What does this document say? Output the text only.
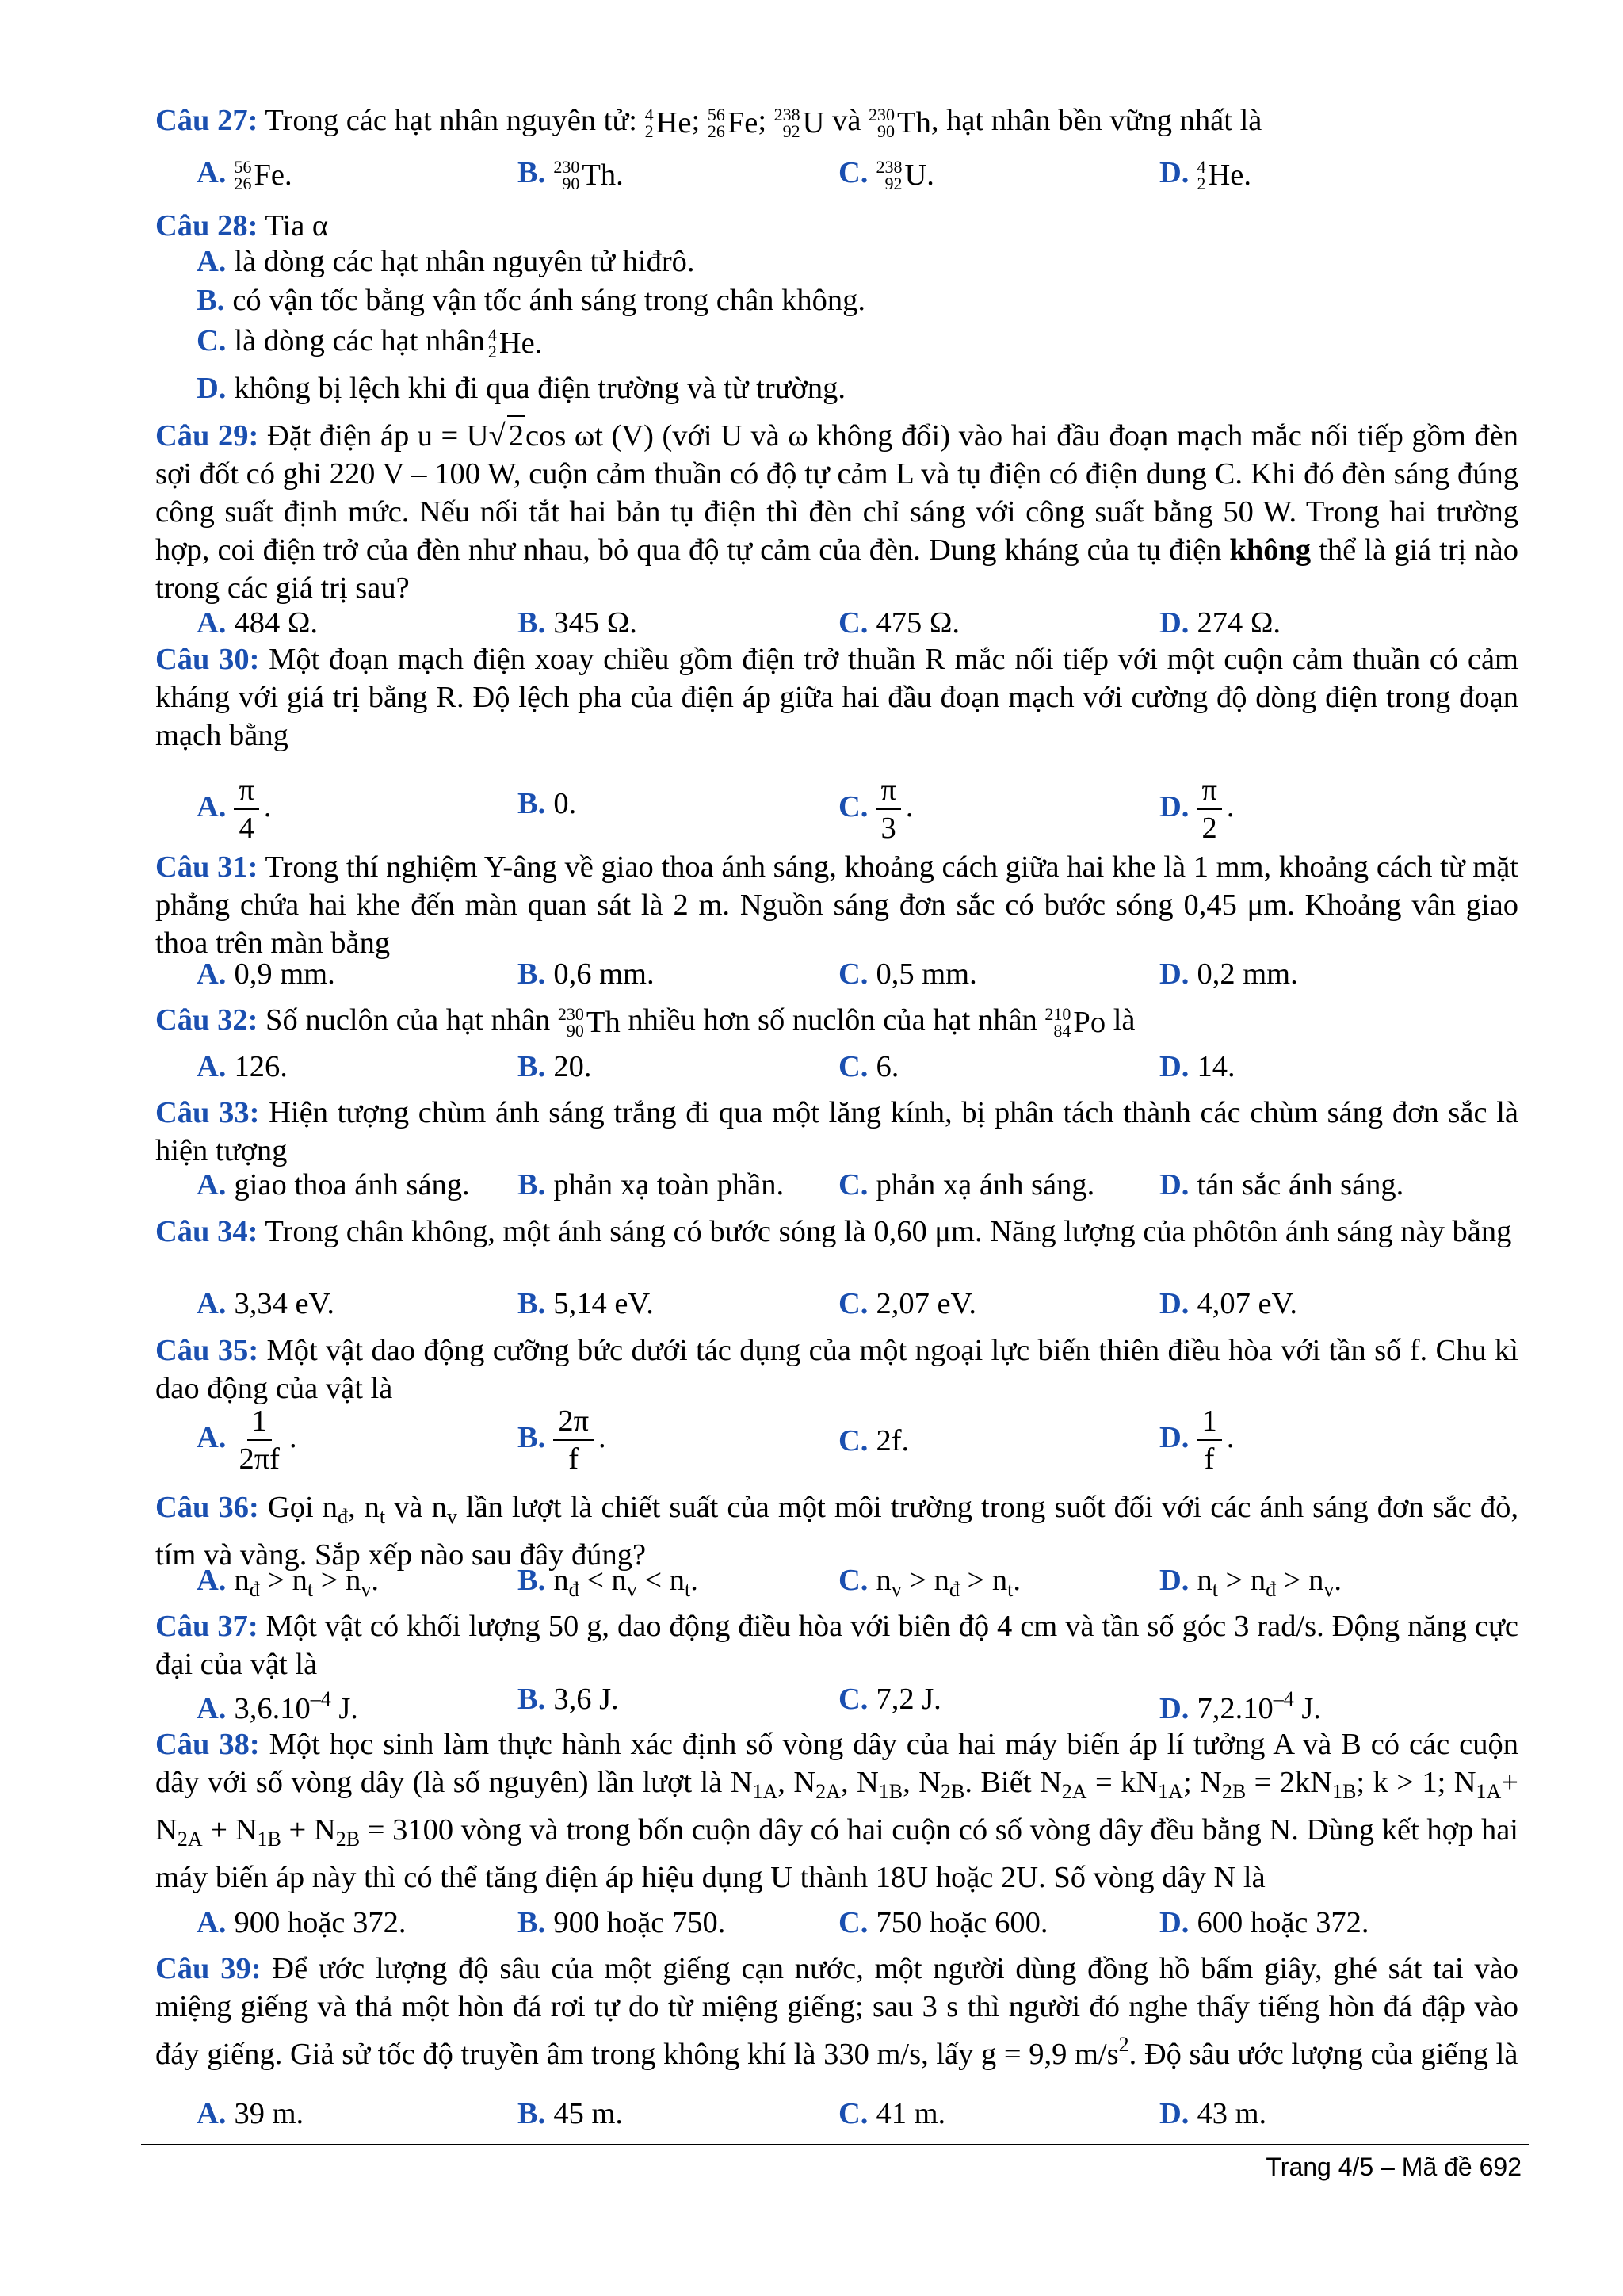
Câu 27: Trong các hạt nhân nguyên tử: 4
2 He ; 56
26 Fe ; 238
92 U và 230
90 Th , hạt nhân bền vững nhất là
A. 56
26 Fe.	B. 230
90 Th.	C. 238
92 U.	D. 4
2 He.
Câu 28: Tia α
A. là dòng các hạt nhân nguyên tử hiđrô.
B. có vận tốc bằng vận tốc ánh sáng trong chân không.
C. là dòng các hạt nhân 4
2 He.
D. không bị lệch khi đi qua điện trường và từ trường.
Câu 29: Đặt điện áp u = U√ 2cos ωt (V) (với U và ω không đổi) vào hai đầu đoạn mạch mắc nối tiếp gồm đèn sợi đốt có ghi 220 V – 100 W, cuộn cảm thuần có độ tự cảm L và tụ điện có điện dung C. Khi đó đèn sáng đúng công suất định mức. Nếu nối tắt hai bản tụ điện thì đèn chỉ sáng với công suất bằng 50 W. Trong hai trường hợp, coi điện trở của đèn như nhau, bỏ qua độ tự cảm của đèn. Dung kháng của tụ điện không thể là giá trị nào trong các giá trị sau?
A. 484 Ω.	B. 345 Ω.	C. 475 Ω.	D. 274 Ω.
Câu 30: Một đoạn mạch điện xoay chiều gồm điện trở thuần R mắc nối tiếp với một cuộn cảm thuần có cảm kháng với giá trị bằng R. Độ lệch pha của điện áp giữa hai đầu đoạn mạch với cường độ dòng điện trong đoạn mạch bằng
A. $\frac{\pi}{4}$ .	B. 0.	C. $\frac{\pi}{3}$ .	D. $\frac{\pi}{2}$ .
Câu 31: Trong thí nghiệm Y-âng về giao thoa ánh sáng, khoảng cách giữa hai khe là 1 mm, khoảng cách từ mặt phẳng chứa hai khe đến màn quan sát là 2 m. Nguồn sáng đơn sắc có bước sóng 0,45 μm. Khoảng vân giao thoa trên màn bằng
A. 0,9 mm.	B. 0,6 mm.	C. 0,5 mm.	D. 0,2 mm.
Câu 32: Số nuclôn của hạt nhân 230
90 Th nhiều hơn số nuclôn của hạt nhân 210
84 Po là
A. 126.	B. 20.	C. 6.	D. 14.
Câu 33: Hiện tượng chùm ánh sáng trắng đi qua một lăng kính, bị phân tách thành các chùm sáng đơn sắc là hiện tượng
A. giao thoa ánh sáng. B. phản xạ toàn phần. C. phản xạ ánh sáng. D. tán sắc ánh sáng.
Câu 34: Trong chân không, một ánh sáng có bước sóng là 0,60 μm. Năng lượng của phôtôn ánh sáng này bằng
A. 3,34 eV.	B. 5,14 eV.	C. 2,07 eV.	D. 4,07 eV.
Câu 35: Một vật dao động cưỡng bức dưới tác dụng của một ngoại lực biến thiên điều hòa với tần số f. Chu kì dao động của vật là
A. $\frac{1}{2\pi f}$ .	B. $\frac{2\pi}{f}$ .	C. 2f.	D. $\frac{1}{f}$ .
Câu 36: Gọi $n_đ$, $n_t$ và $n_v$ lần lượt là chiết suất của một môi trường trong suốt đối với các ánh sáng đơn sắc đỏ, tím và vàng. Sắp xếp nào sau đây đúng?
A. $n_đ > n_t > n_v$.	B. $n_đ < n_v < n_t$.	C. $n_v > n_đ > n_t$.	D. $n_t > n_đ > n_v$.
Câu 37: Một vật có khối lượng 50 g, dao động điều hòa với biên độ 4 cm và tần số góc 3 rad/s. Động năng cực đại của vật là
A. $3,6.10^{-4}$ J.	B. 3,6 J.	C. 7,2 J.	D. $7,2.10^{-4}$ J.
Câu 38: Một học sinh làm thực hành xác định số vòng dây của hai máy biến áp lí tưởng A và B có các cuộn dây với số vòng dây (là số nguyên) lần lượt là $N_{1A}$, $N_{2A}$, $N_{1B}$, $N_{2B}$. Biết $N_{2A} = kN_{1A}$; $N_{2B} = 2kN_{1B}$; k > 1; $N_{1A}+ N_{2A} + N_{1B} + N_{2B} = 3100$ vòng và trong bốn cuộn dây có hai cuộn có số vòng dây đều bằng N. Dùng kết hợp hai máy biến áp này thì có thể tăng điện áp hiệu dụng U thành 18U hoặc 2U. Số vòng dây N là
A. 900 hoặc 372.	B. 900 hoặc 750.	C. 750 hoặc 600.	D. 600 hoặc 372.
Câu 39: Để ước lượng độ sâu của một giếng cạn nước, một người dùng đồng hồ bấm giây, ghé sát tai vào miệng giếng và thả một hòn đá rơi tự do từ miệng giếng; sau 3 s thì người đó nghe thấy tiếng hòn đá đập vào đáy giếng. Giả sử tốc độ truyền âm trong không khí là 330 m/s, lấy g = 9,9 $m/s^2$. Độ sâu ước lượng của giếng là
A. 39 m.	B. 45 m.	C. 41 m.	D. 43 m.
Trang 4/5 – Mã đề 692
